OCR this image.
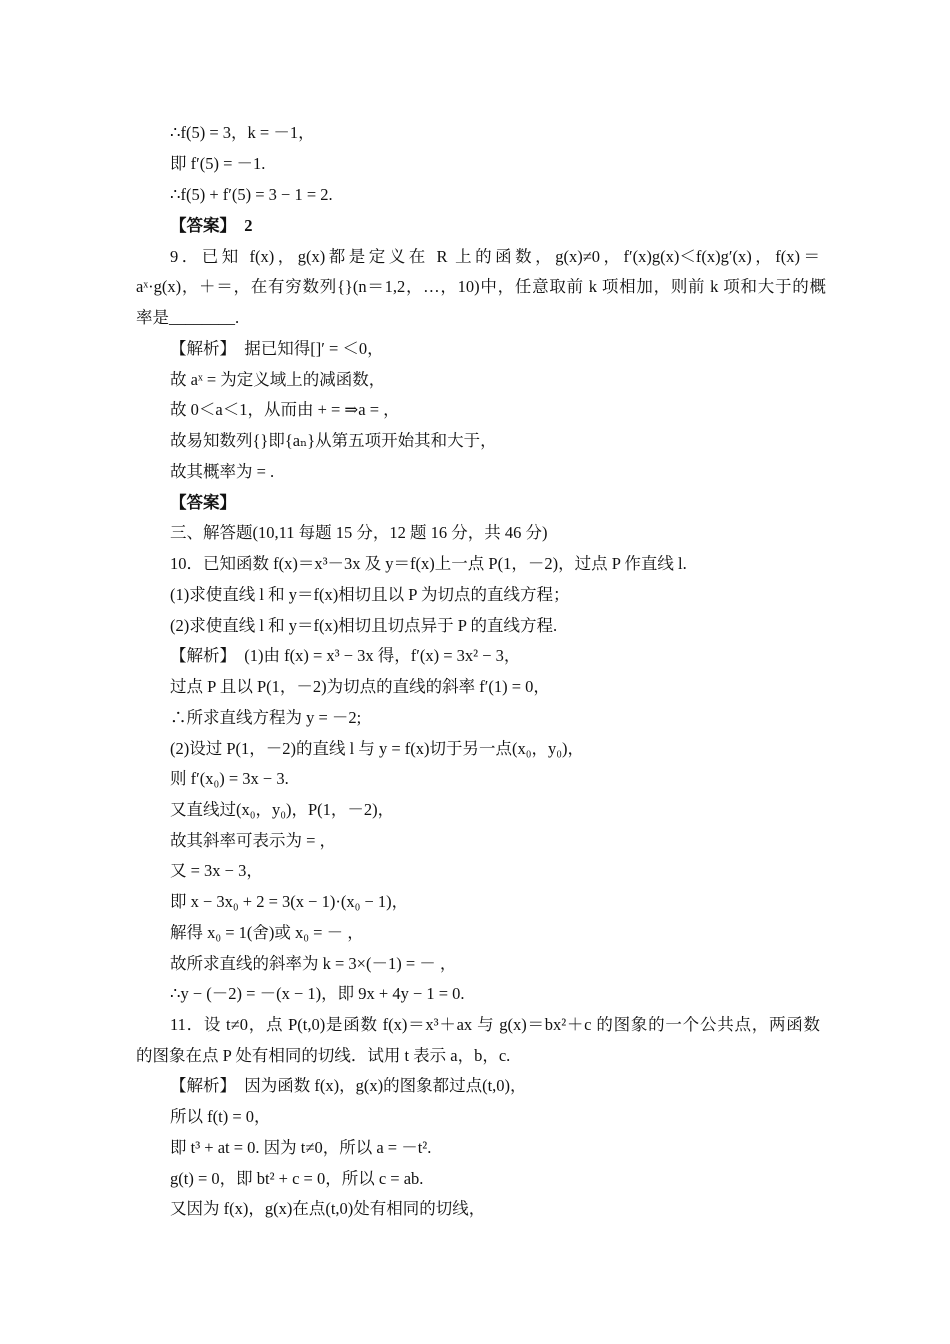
∴f(5) = 3，k = －1，
即 f′(5) = －1.
∴f(5) + f′(5) = 3 − 1 = 2.
【答案】　2
9．已知 f(x)，g(x)都是定义在 R 上的函数，g(x)≠0，f′(x)g(x)＜f(x)g′(x)，f(x)＝
aˣ·g(x)，＋＝，在有穷数列{}(n＝1,2，…，10)中，任意取前 k 项相加，则前 k 项和大于的概
率是________.
【解析】　据已知得[]′ = ＜0，
故 aˣ = 为定义域上的减函数，
故 0＜a＜1，从而由 + = ⇒a = ，
故易知数列{}即{aₙ}从第五项开始其和大于，
故其概率为 = .
【答案】
三、解答题(10,11 每题 15 分，12 题 16 分，共 46 分)
10．已知函数 f(x)＝x³－3x 及 y＝f(x)上一点 P(1，－2)，过点 P 作直线 l.
(1)求使直线 l 和 y＝f(x)相切且以 P 为切点的直线方程；
(2)求使直线 l 和 y＝f(x)相切且切点异于 P 的直线方程.
【解析】　(1)由 f(x) = x³ − 3x 得，f′(x) = 3x² − 3，
过点 P 且以 P(1，－2)为切点的直线的斜率 f′(1) = 0，
∴所求直线方程为 y = －2;
(2)设过 P(1，－2)的直线 l 与 y = f(x)切于另一点(x₀，y₀)，
则 f′(x₀) = 3x − 3.
又直线过(x₀，y₀)，P(1，－2)，
故其斜率可表示为 = ，
又 = 3x − 3，
即 x − 3x₀ + 2 = 3(x − 1)·(x₀ − 1)，
解得 x₀ = 1(舍)或 x₀ = － ，
故所求直线的斜率为 k = 3×(－1) = － ，
∴y − (－2) = －(x − 1)，即 9x + 4y − 1 = 0.
11．设 t≠0，点 P(t,0)是函数 f(x)＝x³＋ax 与 g(x)＝bx²＋c 的图象的一个公共点，两函数
的图象在点 P 处有相同的切线．试用 t 表示 a，b，c.
【解析】　因为函数 f(x)，g(x)的图象都过点(t,0)，
所以 f(t) = 0，
即 t³ + at = 0. 因为 t≠0，所以 a = －t².
g(t) = 0，即 bt² + c = 0，所以 c = ab.
又因为 f(x)，g(x)在点(t,0)处有相同的切线，
